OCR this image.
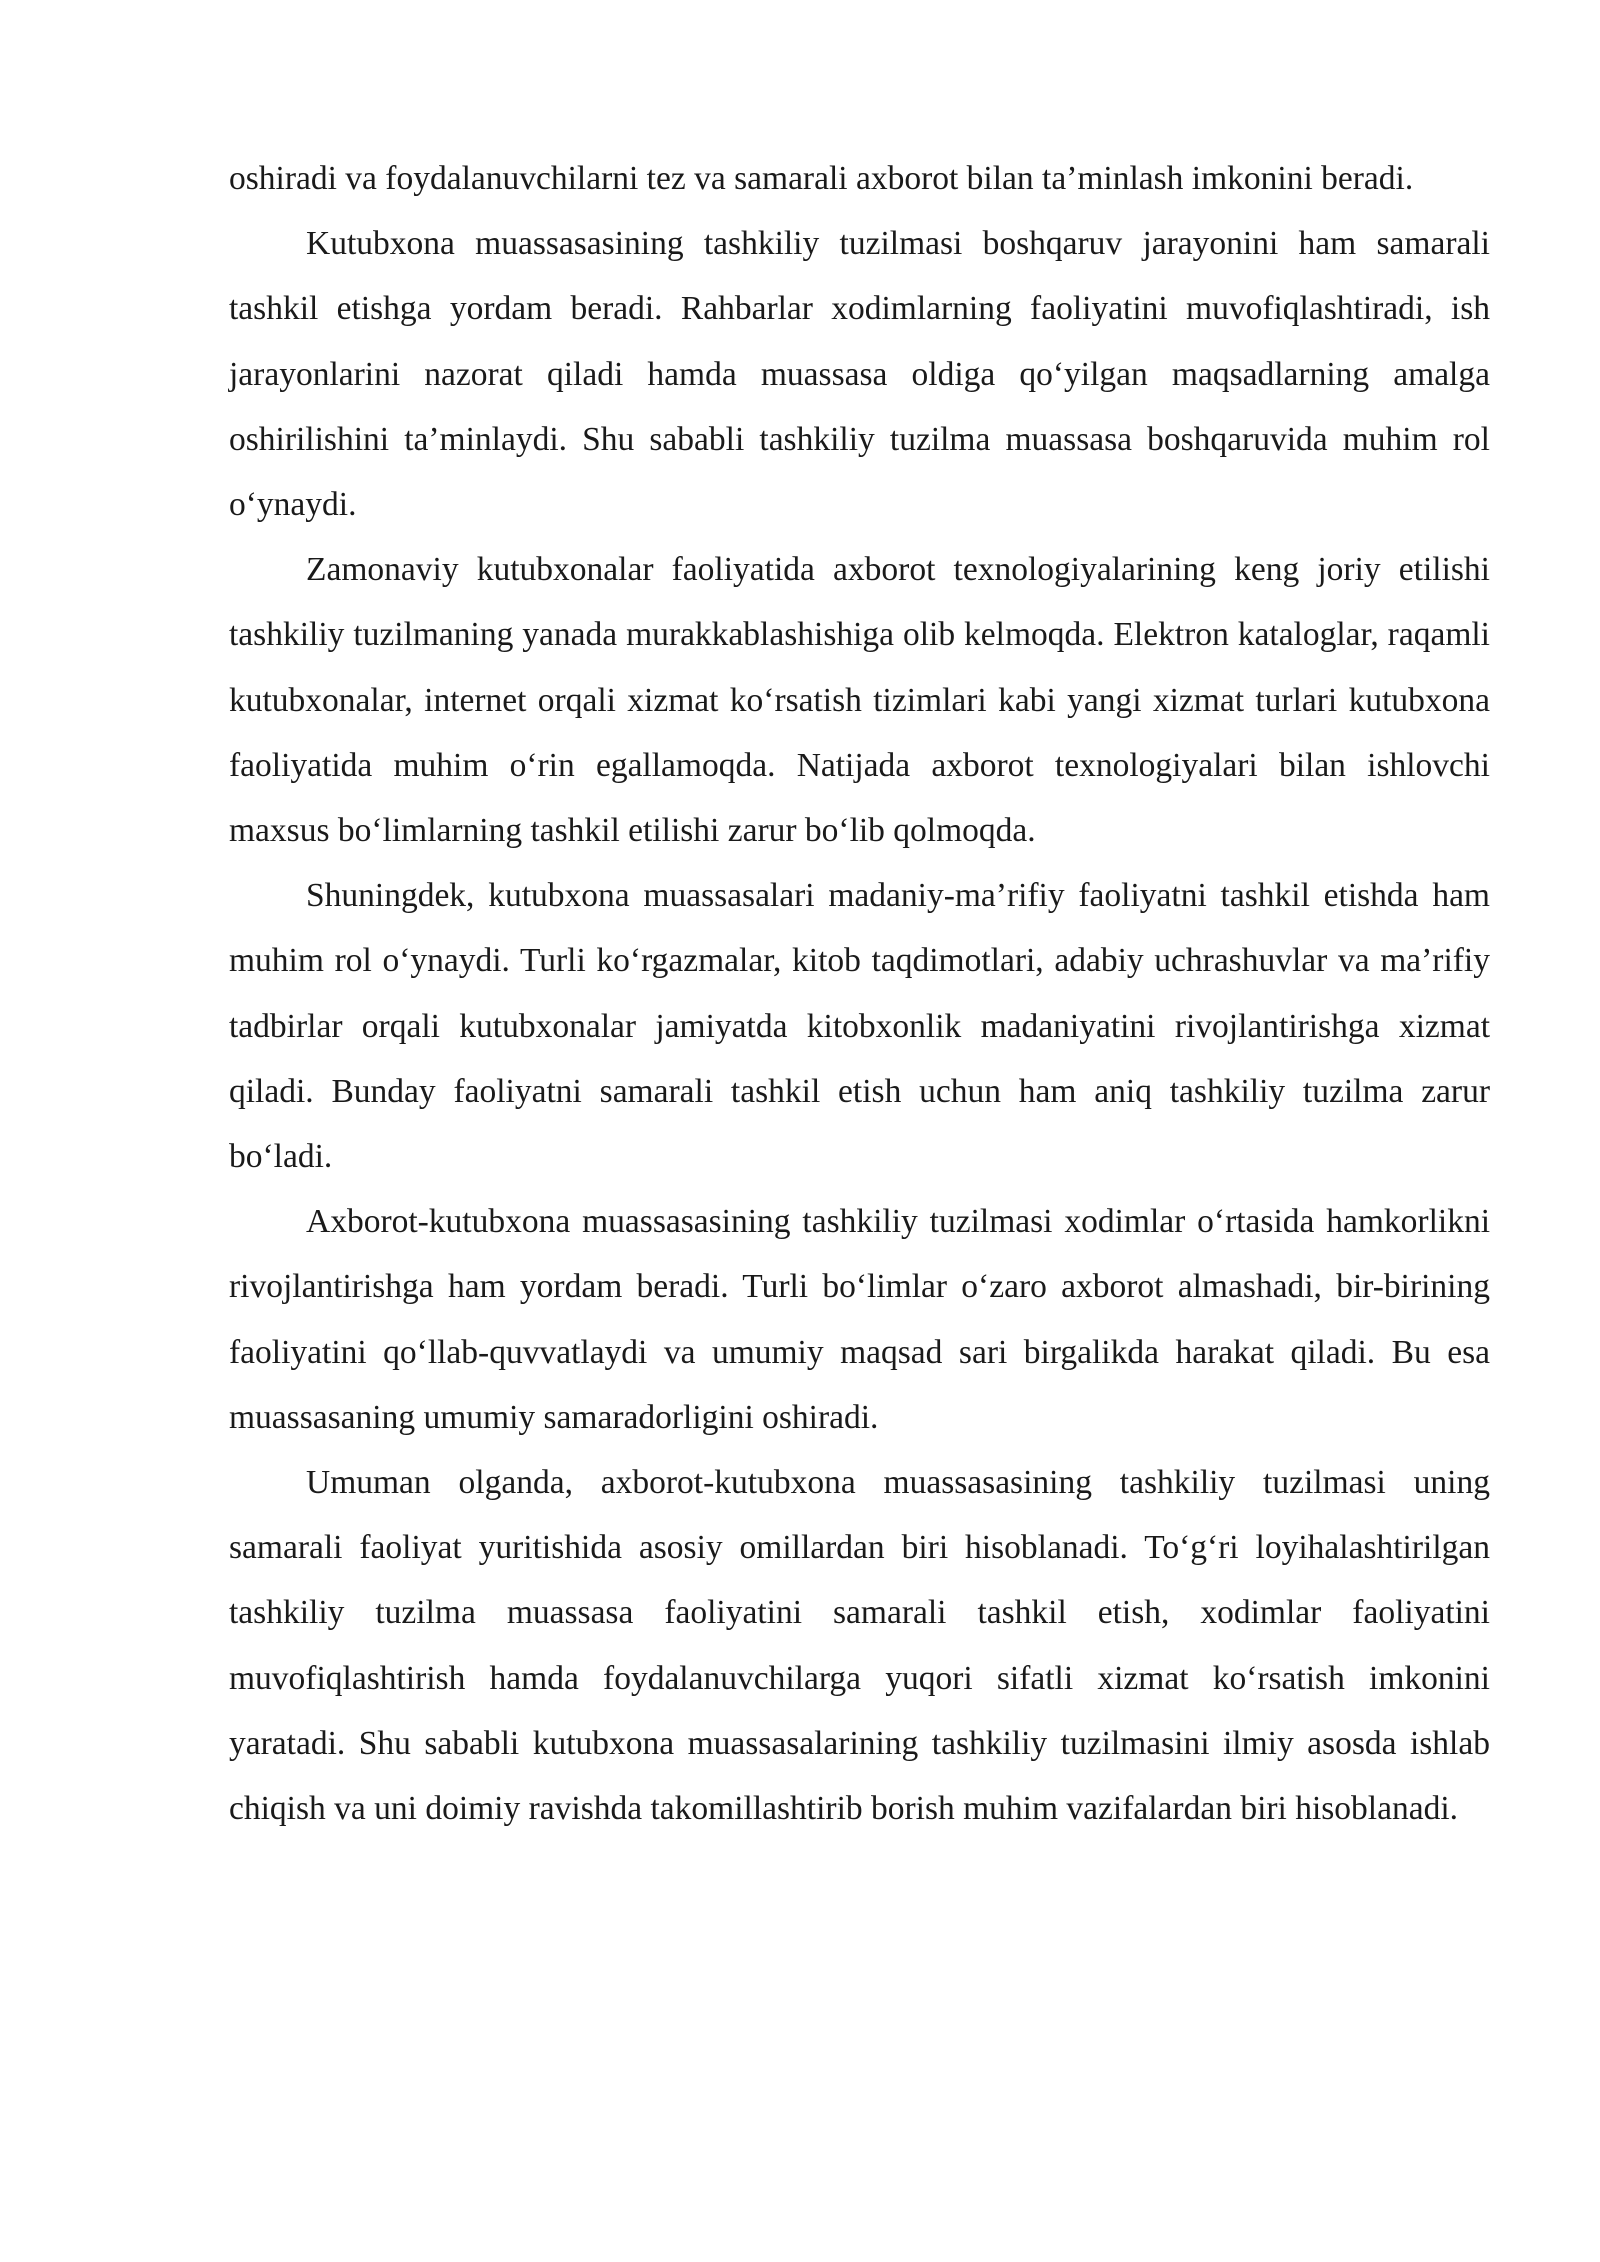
oshiradi va foydalanuvchilarni tez va samarali axborot bilan ta’minlash imkonini beradi.

Kutubxona muassasasining tashkiliy tuzilmasi boshqaruv jarayonini ham samarali tashkil etishga yordam beradi. Rahbarlar xodimlarning faoliyatini muvofiqlashtiradi, ish jarayonlarini nazorat qiladi hamda muassasa oldiga qo‘yilgan maqsadlarning amalga oshirilishini ta’minlaydi. Shu sababli tashkiliy tuzilma muassasa boshqaruvida muhim rol o‘ynaydi.

Zamonaviy kutubxonalar faoliyatida axborot texnologiyalarining keng joriy etilishi tashkiliy tuzilmaning yanada murakkablashishiga olib kelmoqda. Elektron kataloglar, raqamli kutubxonalar, internet orqali xizmat ko‘rsatish tizimlari kabi yangi xizmat turlari kutubxona faoliyatida muhim o‘rin egallamoqda. Natijada axborot texnologiyalari bilan ishlovchi maxsus bo‘limlarning tashkil etilishi zarur bo‘lib qolmoqda.

Shuningdek, kutubxona muassasalari madaniy-ma’rifiy faoliyatni tashkil etishda ham muhim rol o‘ynaydi. Turli ko‘rgazmalar, kitob taqdimotlari, adabiy uchrashuvlar va ma’rifiy tadbirlar orqali kutubxonalar jamiyatda kitobxonlik madaniyatini rivojlantirishga xizmat qiladi. Bunday faoliyatni samarali tashkil etish uchun ham aniq tashkiliy tuzilma zarur bo‘ladi.

Axborot-kutubxona muassasasining tashkiliy tuzilmasi xodimlar o‘rtasida hamkorlikni rivojlantirishga ham yordam beradi. Turli bo‘limlar o‘zaro axborot almashadi, bir-birining faoliyatini qo‘llab-quvvatlaydi va umumiy maqsad sari birgalikda harakat qiladi. Bu esa muassasaning umumiy samaradorligini oshiradi.

Umuman olganda, axborot-kutubxona muassasasining tashkiliy tuzilmasi uning samarali faoliyat yuritishida asosiy omillardan biri hisoblanadi. To‘g‘ri loyihalashtirilgan tashkiliy tuzilma muassasa faoliyatini samarali tashkil etish, xodimlar faoliyatini muvofiqlashtirish hamda foydalanuvchilarga yuqori sifatli xizmat ko‘rsatish imkonini yaratadi. Shu sababli kutubxona muassasalarining tashkiliy tuzilmasini ilmiy asosda ishlab chiqish va uni doimiy ravishda takomillashtirib borish muhim vazifalardan biri hisoblanadi.
